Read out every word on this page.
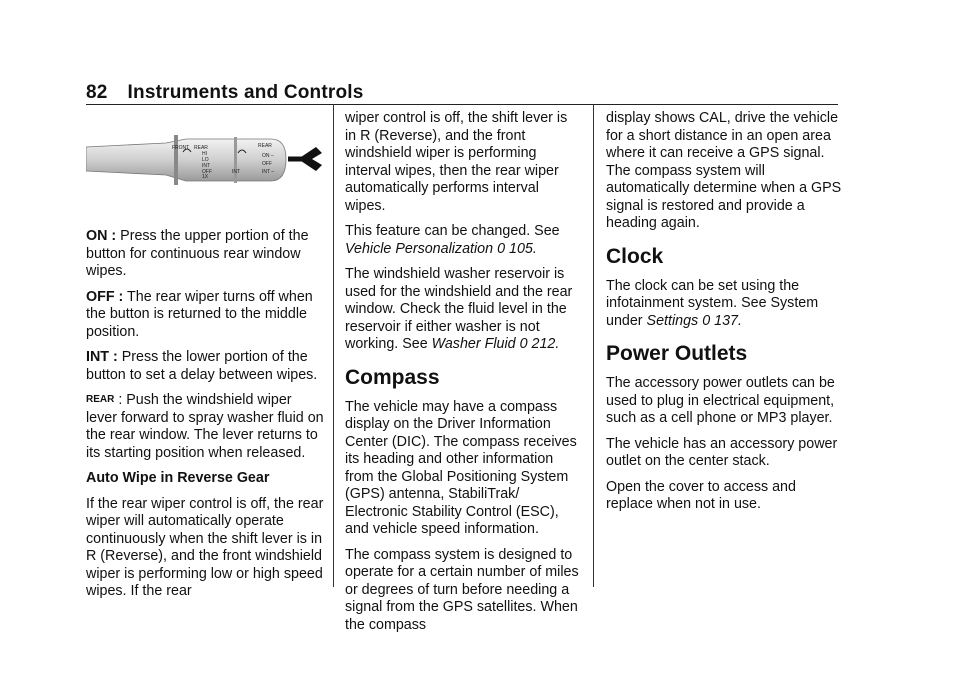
82 Instruments and Controls
FRONT REAR
HI
LO
INT
OFF
1X
INT
REAR
ON –
OFF
INT –

ON : Press the upper portion of the button for continuous rear window wipes.

OFF : The rear wiper turns off when the button is returned to the middle position.

INT : Press the lower portion of the button to set a delay between wipes.

REAR : Push the windshield wiper lever forward to spray washer fluid on the rear window. The lever returns to its starting position when released.

Auto Wipe in Reverse Gear

If the rear wiper control is off, the rear wiper will automatically operate continuously when the shift lever is in R (Reverse), and the front windshield wiper is performing low or high speed wipes. If the rear

wiper control is off, the shift lever is in R (Reverse), and the front windshield wiper is performing interval wipes, then the rear wiper automatically performs interval wipes.

This feature can be changed. See Vehicle Personalization 0 105.

The windshield washer reservoir is used for the windshield and the rear window. Check the fluid level in the reservoir if either washer is not working. See Washer Fluid 0 212.

Compass

The vehicle may have a compass display on the Driver Information Center (DIC). The compass receives its heading and other information from the Global Positioning System (GPS) antenna, StabiliTrak/ Electronic Stability Control (ESC), and vehicle speed information.

The compass system is designed to operate for a certain number of miles or degrees of turn before needing a signal from the GPS satellites. When the compass

display shows CAL, drive the vehicle for a short distance in an open area where it can receive a GPS signal. The compass system will automatically determine when a GPS signal is restored and provide a heading again.

Clock

The clock can be set using the infotainment system. See System under Settings 0 137.

Power Outlets

The accessory power outlets can be used to plug in electrical equipment, such as a cell phone or MP3 player.

The vehicle has an accessory power outlet on the center stack.

Open the cover to access and replace when not in use.
